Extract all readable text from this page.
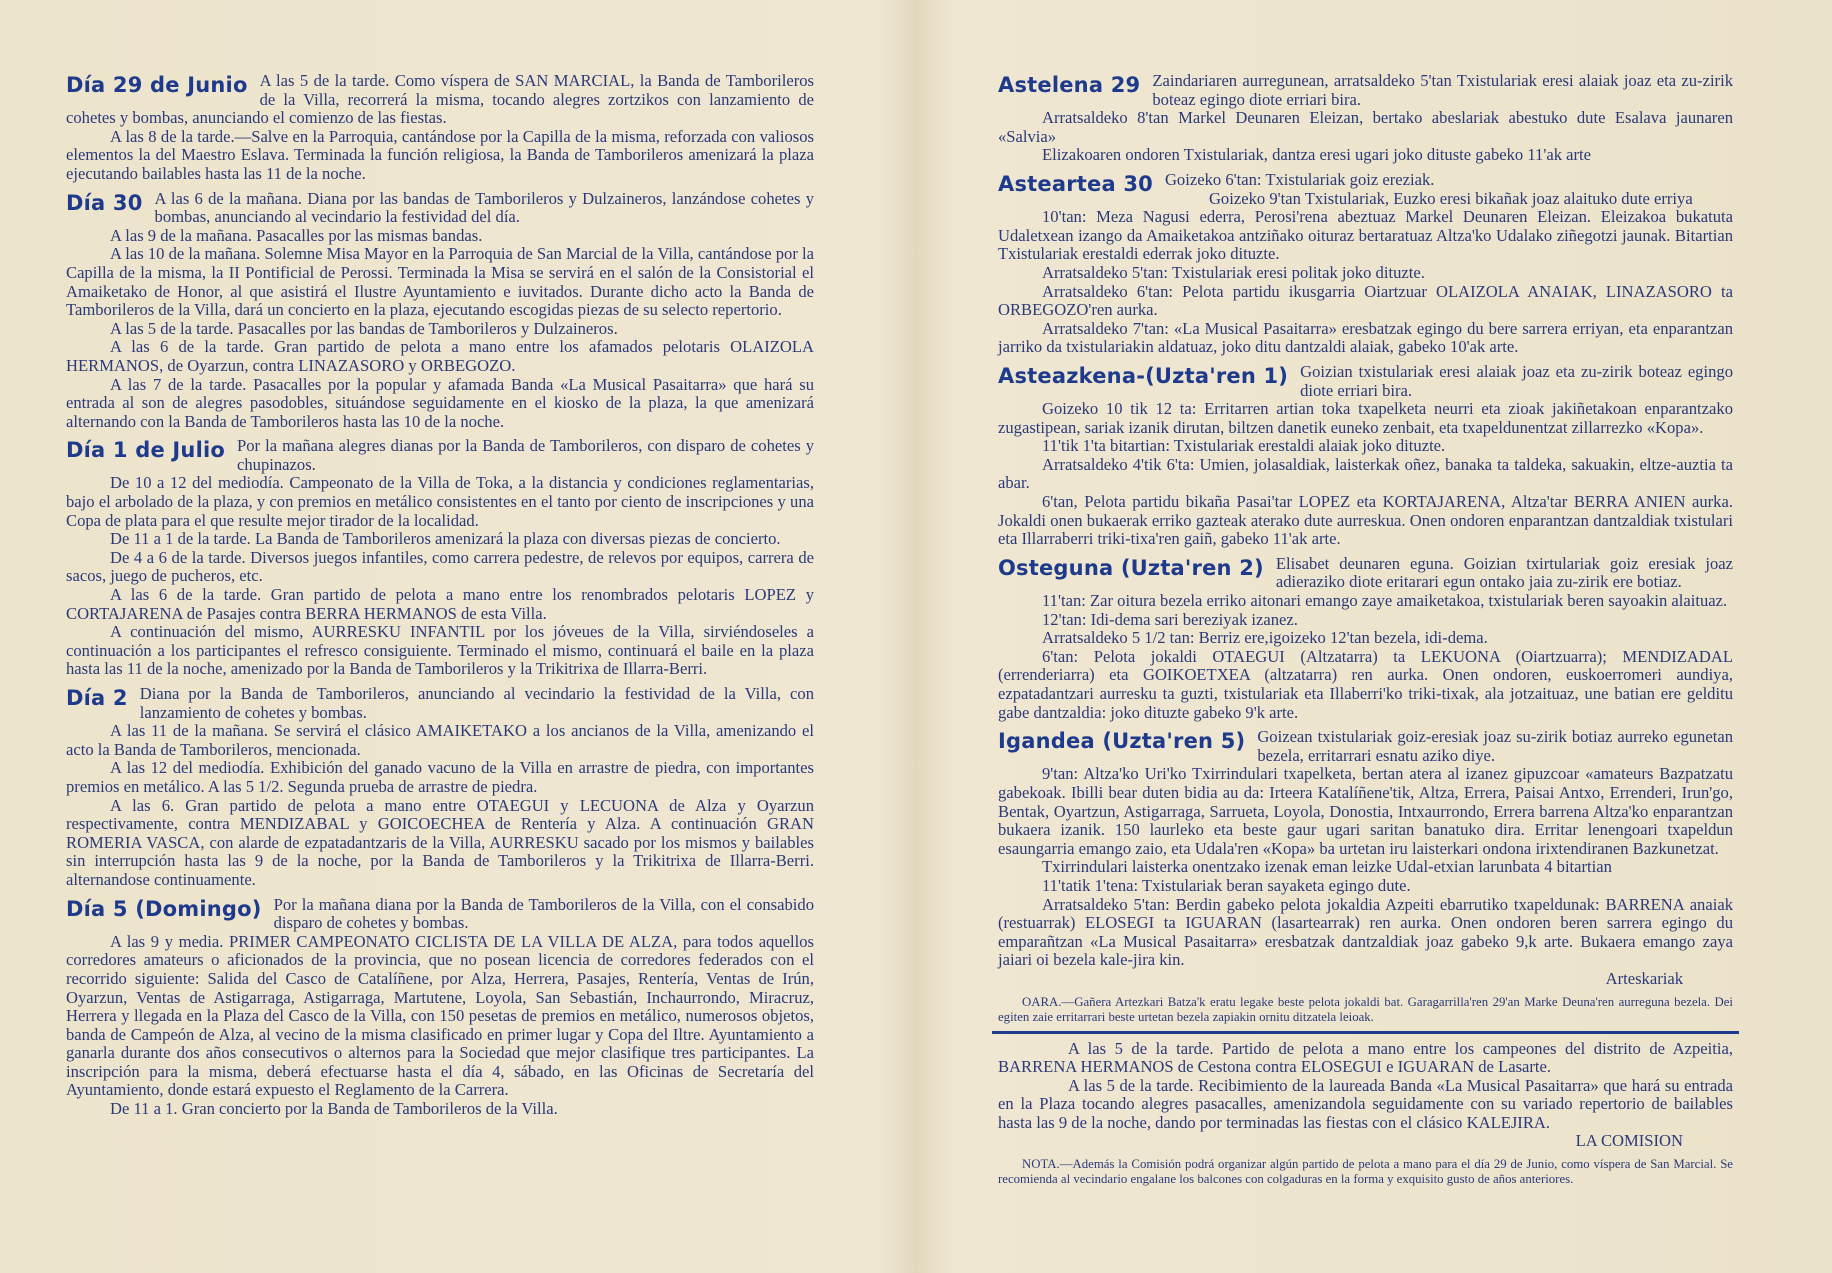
Día 29 de Junio A las 5 de la tarde. Como víspera de SAN MARCIAL, la Banda de Tamborileros de la Villa, recorrerá la misma, tocando alegres zortzikos con lanzamiento de cohetes y bombas, anunciando el comienzo de las fiestas.

A las 8 de la tarde.—Salve en la Parroquia, cantándose por la Capilla de la misma, reforzada con valiosos elementos la del Maestro Eslava. Terminada la función religiosa, la Banda de Tamborileros amenizará la plaza ejecutando bailables hasta las 11 de la noche.

Día 30 A las 6 de la mañana. Diana por las bandas de Tamborileros y Dulzaineros, lanzándose cohetes y bombas, anunciando al vecindario la festividad del día.

A las 9 de la mañana. Pasacalles por las mismas bandas.

A las 10 de la mañana. Solemne Misa Mayor en la Parroquia de San Marcial de la Villa, cantándose por la Capilla de la misma, la II Pontificial de Perossi. Terminada la Misa se servirá en el salón de la Consistorial el Amaiketako de Honor, al que asistirá el Ilustre Ayuntamiento e iuvitados. Durante dicho acto la Banda de Tamborileros de la Villa, dará un concierto en la plaza, ejecutando escogidas piezas de su selecto repertorio.

A las 5 de la tarde. Pasacalles por las bandas de Tamborileros y Dulzaineros.

A las 6 de la tarde. Gran partido de pelota a mano entre los afamados pelotaris OLAIZOLA HERMANOS, de Oyarzun, contra LINAZASORO y ORBEGOZO.

A las 7 de la tarde. Pasacalles por la popular y afamada Banda «La Musical Pasaitarra» que hará su entrada al son de alegres pasodobles, situándose seguidamente en el kiosko de la plaza, la que amenizará alternando con la Banda de Tamborileros hasta las 10 de la noche.

Día 1 de Julio Por la mañana alegres dianas por la Banda de Tamborileros, con disparo de cohetes y chupinazos.

De 10 a 12 del mediodía. Campeonato de la Villa de Toka, a la distancia y condiciones reglamentarias, bajo el arbolado de la plaza, y con premios en metálico consistentes en el tanto por ciento de inscripciones y una Copa de plata para el que resulte mejor tirador de la localidad.

De 11 a 1 de la tarde. La Banda de Tamborileros amenizará la plaza con diversas piezas de concierto.

De 4 a 6 de la tarde. Diversos juegos infantiles, como carrera pedestre, de relevos por equipos, carrera de sacos, juego de pucheros, etc.

A las 6 de la tarde. Gran partido de pelota a mano entre los renombrados pelotaris LOPEZ y CORTAJARENA de Pasajes contra BERRA HERMANOS de esta Villa.

A continuación del mismo, AURRESKU INFANTIL por los jóveues de la Villa, sirviéndoseles a continuación a los participantes el refresco consiguiente. Terminado el mismo, continuará el baile en la plaza hasta las 11 de la noche, amenizado por la Banda de Tamborileros y la Trikitrixa de Illarra-Berri.

Día 2 Diana por la Banda de Tamborileros, anunciando al vecindario la festividad de la Villa, con lanzamiento de cohetes y bombas.

A las 11 de la mañana. Se servirá el clásico AMAIKETAKO a los ancianos de la Villa, amenizando el acto la Banda de Tamborileros, mencionada.

A las 12 del mediodía. Exhibición del ganado vacuno de la Villa en arrastre de piedra, con importantes premios en metálico. A las 5 1/2. Segunda prueba de arrastre de piedra.

A las 6. Gran partido de pelota a mano entre OTAEGUI y LECUONA de Alza y Oyarzun respectivamente, contra MENDIZABAL y GOICOECHEA de Rentería y Alza. A continuación GRAN ROMERIA VASCA, con alarde de ezpatadantzaris de la Villa, AURRESKU sacado por los mismos y bailables sin interrupción hasta las 9 de la noche, por la Banda de Tamborileros y la Trikitrixa de Illarra-Berri. alternandose continuamente.

Día 5 (Domingo) Por la mañana diana por la Banda de Tamborileros de la Villa, con el consabido disparo de cohetes y bombas.

A las 9 y media. PRIMER CAMPEONATO CICLISTA DE LA VILLA DE ALZA, para todos aquellos corredores amateurs o aficionados de la provincia, que no posean licencia de corredores federados con el recorrido siguiente: Salida del Casco de Catalíñene, por Alza, Herrera, Pasajes, Rentería, Ventas de Irún, Oyarzun, Ventas de Astigarraga, Astigarraga, Martutene, Loyola, San Sebastián, Inchaurrondo, Miracruz, Herrera y llegada en la Plaza del Casco de la Villa, con 150 pesetas de premios en metálico, numerosos objetos, banda de Campeón de Alza, al vecino de la misma clasificado en primer lugar y Copa del Iltre. Ayuntamiento a ganarla durante dos años consecutivos o alternos para la Sociedad que mejor clasifique tres participantes. La inscripción para la misma, deberá efectuarse hasta el día 4, sábado, en las Oficinas de Secretaría del Ayuntamiento, donde estará expuesto el Reglamento de la Carrera.

De 11 a 1. Gran concierto por la Banda de Tamborileros de la Villa.

Astelena 29 Zaindariaren aurregunean, arratsaldeko 5'tan Txistulariak eresi alaiak joaz eta zu-zirik boteaz egingo diote erriari bira.

Arratsaldeko 8'tan Markel Deunaren Eleizan, bertako abeslariak abestuko dute Esalava jaunaren «Salvia»

Elizakoaren ondoren Txistulariak, dantza eresi ugari joko dituste gabeko 11'ak arte

Asteartea 30 Goizeko 6'tan: Txistulariak goiz ereziak.

Goizeko 9'tan Txistulariak, Euzko eresi bikañak joaz alaituko dute erriya

10'tan: Meza Nagusi ederra, Perosi'rena abeztuaz Markel Deunaren Eleizan. Eleizakoa bukatuta Udaletxean izango da Amaiketakoa antziñako oituraz bertaratuaz Altza'ko Udalako ziñegotzi jaunak. Bitartian Txistulariak erestaldi ederrak joko dituzte.

Arratsaldeko 5'tan: Txistulariak eresi politak joko dituzte.

Arratsaldeko 6'tan: Pelota partidu ikusgarria Oiartzuar OLAIZOLA ANAIAK, LINAZASORO ta ORBEGOZO'ren aurka.

Arratsaldeko 7'tan: «La Musical Pasaitarra» eresbatzak egingo du bere sarrera erriyan, eta enparantzan jarriko da txistulariakin aldatuaz, joko ditu dantzaldi alaiak, gabeko 10'ak arte.

Asteazkena-(Uzta'ren 1) Goizian txistulariak eresi alaiak joaz eta zu-zirik boteaz egingo diote erriari bira.

Goizeko 10 tik 12 ta: Erritarren artian toka txapelketa neurri eta zioak jakiñetakoan enparantzako zugastipean, sariak izanik dirutan, biltzen danetik euneko zenbait, eta txapeldunentzat zillarrezko «Kopa».

11'tik 1'ta bitartian: Txistulariak erestaldi alaiak joko dituzte.

Arratsaldeko 4'tik 6'ta: Umien, jolasaldiak, laisterkak oñez, banaka ta taldeka, sakuakin, eltze-auztia ta abar.

6'tan, Pelota partidu bikaña Pasai'tar LOPEZ eta KORTAJARENA, Altza'tar BERRA ANIEN aurka. Jokaldi onen bukaerak erriko gazteak aterako dute aurreskua. Onen ondoren enparantzan dantzaldiak txistulari eta Illarraberri triki-tixa'ren gaiñ, gabeko 11'ak arte.

Osteguna (Uzta'ren 2) Elisabet deunaren eguna. Goizian txirtulariak goiz eresiak joaz adieraziko diote eritarari egun ontako jaia zu-zirik ere botiaz.

11'tan: Zar oitura bezela erriko aitonari emango zaye amaiketakoa, txistulariak beren sayoakin alaituaz.

12'tan: Idi-dema sari bereziyak izanez.

Arratsaldeko 5 1/2 tan: Berriz ere,igoizeko 12'tan bezela, idi-dema.

6'tan: Pelota jokaldi OTAEGUI (Altzatarra) ta LEKUONA (Oiartzuarra); MENDIZADAL (errenderiarra) eta GOIKOETXEA (altzatarra) ren aurka. Onen ondoren, euskoerromeri aundiya, ezpatadantzari aurresku ta guzti, txistulariak eta Illaberri'ko triki-tixak, ala jotzaituaz, une batian ere gelditu gabe dantzaldia: joko dituzte gabeko 9'k arte.

Igandea (Uzta'ren 5) Goizean txistulariak goiz-eresiak joaz su-zirik botiaz aurreko egunetan bezela, erritarrari esnatu aziko diye.

9'tan: Altza'ko Uri'ko Txirrindulari txapelketa, bertan atera al izanez gipuzcoar «amateurs Bazpatzatu gabekoak. Ibilli bear duten bidia au da: Irteera Katalíñene'tik, Altza, Errera, Paisai Antxo, Errenderi, Irun'go, Bentak, Oyartzun, Astigarraga, Sarrueta, Loyola, Donostia, Intxaurrondo, Errera barrena Altza'ko enparantzan bukaera izanik. 150 laurleko eta beste gaur ugari saritan banatuko dira. Erritar lenengoari txapeldun esaungarria emango zaio, eta Udala'ren «Kopa» ba urtetan iru laisterkari ondona irixtendiranen Bazkunetzat.

Txirrindulari laisterka onentzako izenak eman leizke Udal-etxian larunbata 4 bitartian

11'tatik 1'tena: Txistulariak beran sayaketa egingo dute.

Arratsaldeko 5'tan: Berdin gabeko pelota jokaldia Azpeiti ebarrutiko txapeldunak: BARRENA anaiak (restuarrak) ELOSEGI ta IGUARAN (lasartearrak) ren aurka. Onen ondoren beren sarrera egingo du emparañtzan «La Musical Pasaitarra» eresbatzak dantzaldiak joaz gabeko 9,k arte. Bukaera emango zaya jaiari oi bezela kale-jira kin.

Arteskariak

OARA.—Gañera Artezkari Batza'k eratu legake beste pelota jokaldi bat. Garagarrilla'ren 29'an Marke Deuna'ren aurreguna bezela. Dei egiten zaie erritarrari beste urtetan bezela zapiakin ornitu ditzatela leioak.

A las 5 de la tarde. Partido de pelota a mano entre los campeones del distrito de Azpeitia, BARRENA HERMANOS de Cestona contra ELOSEGUI e IGUARAN de Lasarte.

A las 5 de la tarde. Recibimiento de la laureada Banda «La Musical Pasaitarra» que hará su entrada en la Plaza tocando alegres pasacalles, amenizandola seguidamente con su variado repertorio de bailables hasta las 9 de la noche, dando por terminadas las fiestas con el clásico KALEJIRA.

LA COMISION

NOTA.—Además la Comisión podrá organizar algún partido de pelota a mano para el día 29 de Junio, como víspera de San Marcial. Se recomienda al vecindario engalane los balcones con colgaduras en la forma y exquisito gusto de años anteriores.
